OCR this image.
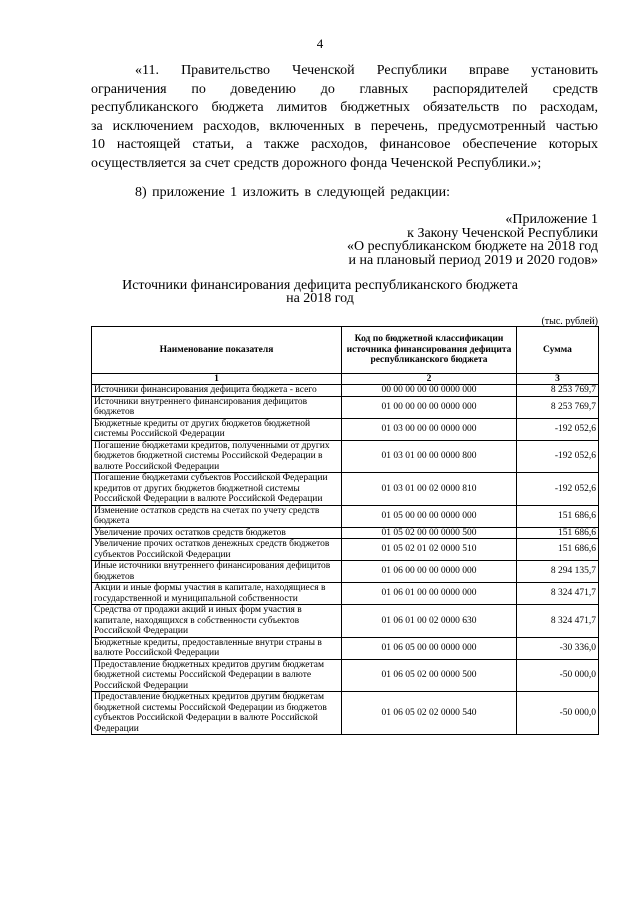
4
«11. Правительство Чеченской Республики вправе установить
ограничения по доведению до главных распорядителей средств
республиканского бюджета лимитов бюджетных обязательств по расходам,
за исключением расходов, включенных в перечень, предусмотренный частью
10 настоящей статьи, а также расходов, финансовое обеспечение которых
осуществляется за счет средств дорожного фонда Чеченской Республики.»;
8) приложение 1 изложить в следующей редакции:
«Приложение 1
к Закону Чеченской Республики
«О республиканском бюджете на 2018 год
и на плановый период 2019 и 2020 годов»
Источники финансирования дефицита республиканского бюджета
на 2018 год
(тыс. рублей)
Наименование показателя	Код по бюджетной классификации источника финансирования дефицита республиканского бюджета	Сумма
1	2	3
Источники финансирования дефицита бюджета - всего	00 00 00 00 00 0000 000	8 253 769,7
Источники внутреннего финансирования дефицитов бюджетов	01 00 00 00 00 0000 000	8 253 769,7
Бюджетные кредиты от других бюджетов бюджетной системы Российской Федерации	01 03 00 00 00 0000 000	-192 052,6
Погашение бюджетами кредитов, полученными от других бюджетов бюджетной системы Российской Федерации в валюте Российской Федерации	01 03 01 00 00 0000 800	-192 052,6
Погашение бюджетами субъектов Российской Федерации кредитов от других бюджетов бюджетной системы Российской Федерации в валюте Российской Федерации	01 03 01 00 02 0000 810	-192 052,6
Изменение остатков средств на счетах по учету средств бюджета	01 05 00 00 00 0000 000	151 686,6
Увеличение прочих остатков средств бюджетов	01 05 02 00 00 0000 500	151 686,6
Увеличение прочих остатков денежных средств бюджетов субъектов Российской Федерации	01 05 02 01 02 0000 510	151 686,6
Иные источники внутреннего финансирования дефицитов бюджетов	01 06 00 00 00 0000 000	8 294 135,7
Акции и иные формы участия в капитале, находящиеся в государственной и муниципальной собственности	01 06 01 00 00 0000 000	8 324 471,7
Средства от продажи акций и иных форм участия в капитале, находящихся в собственности субъектов Российской Федерации	01 06 01 00 02 0000 630	8 324 471,7
Бюджетные кредиты, предоставленные внутри страны в валюте Российской Федерации	01 06 05 00 00 0000 000	-30 336,0
Предоставление бюджетных кредитов другим бюджетам бюджетной системы Российской Федерации в валюте Российской Федерации	01 06 05 02 00 0000 500	-50 000,0
Предоставление бюджетных кредитов другим бюджетам бюджетной системы Российской Федерации из бюджетов субъектов Российской Федерации в валюте Российской Федерации	01 06 05 02 02 0000 540	-50 000,0
